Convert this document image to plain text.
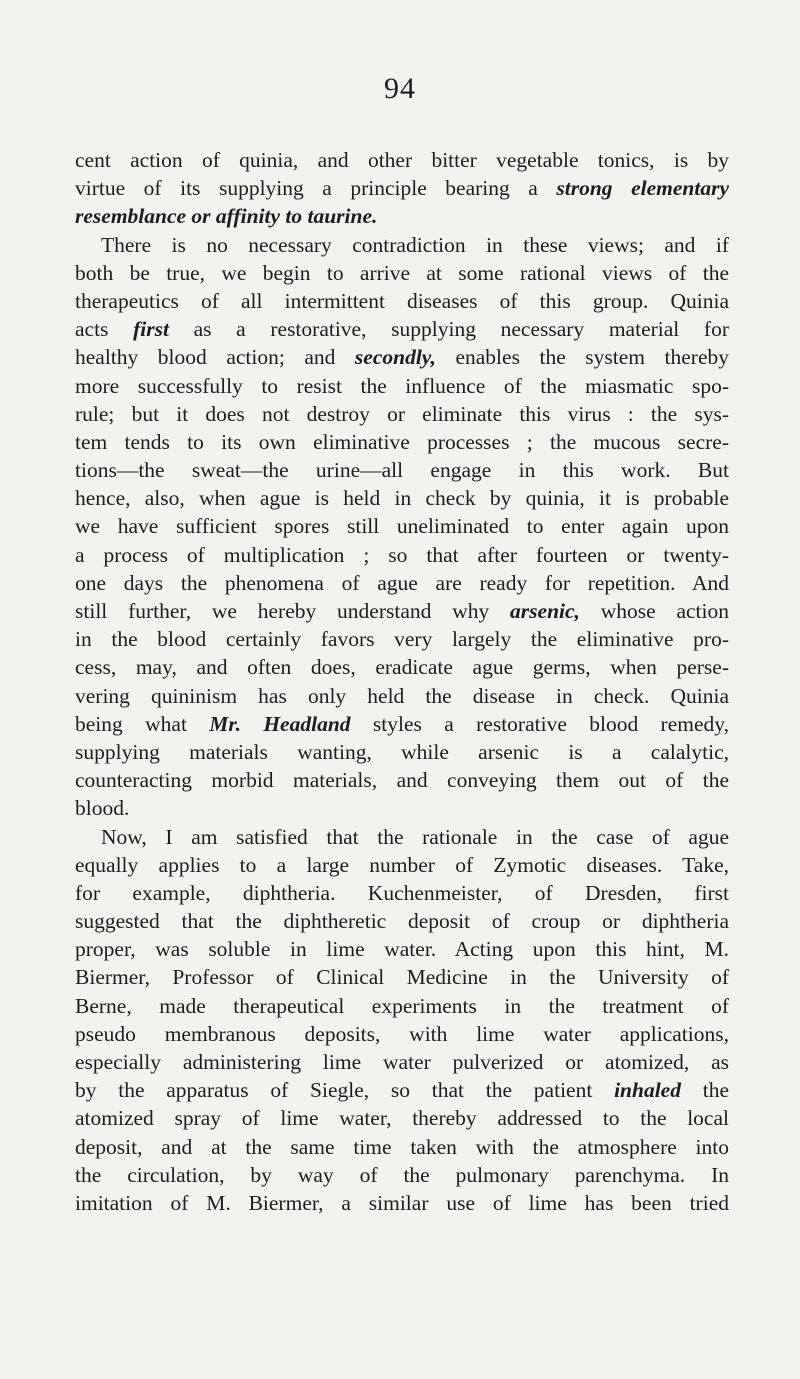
94
cent action of quinia, and other bitter vegetable tonics, is by
virtue of its supplying a principle bearing a strong elementary
resemblance or affinity to taurine.
There is no necessary contradiction in these views; and if
both be true, we begin to arrive at some rational views of the
therapeutics of all intermittent diseases of this group. Quinia
acts first as a restorative, supplying necessary material for
healthy blood action; and secondly, enables the system thereby
more successfully to resist the influence of the miasmatic spo-
rule; but it does not destroy or eliminate this virus : the sys-
tem tends to its own eliminative processes ; the mucous secre-
tions—the sweat—the urine—all engage in this work. But
hence, also, when ague is held in check by quinia, it is probable
we have sufficient spores still uneliminated to enter again upon
a process of multiplication ; so that after fourteen or twenty-
one days the phenomena of ague are ready for repetition. And
still further, we hereby understand why arsenic, whose action
in the blood certainly favors very largely the eliminative pro-
cess, may, and often does, eradicate ague germs, when perse-
vering quininism has only held the disease in check. Quinia
being what Mr. Headland styles a restorative blood remedy,
supplying materials wanting, while arsenic is a calalytic,
counteracting morbid materials, and conveying them out of the
blood.
Now, I am satisfied that the rationale in the case of ague
equally applies to a large number of Zymotic diseases. Take,
for example, diphtheria. Kuchenmeister, of Dresden, first
suggested that the diphtheretic deposit of croup or diphtheria
proper, was soluble in lime water. Acting upon this hint, M.
Biermer, Professor of Clinical Medicine in the University of
Berne, made therapeutical experiments in the treatment of
pseudo membranous deposits, with lime water applications,
especially administering lime water pulverized or atomized, as
by the apparatus of Siegle, so that the patient inhaled the
atomized spray of lime water, thereby addressed to the local
deposit, and at the same time taken with the atmosphere into
the circulation, by way of the pulmonary parenchyma. In
imitation of M. Biermer, a similar use of lime has been tried
